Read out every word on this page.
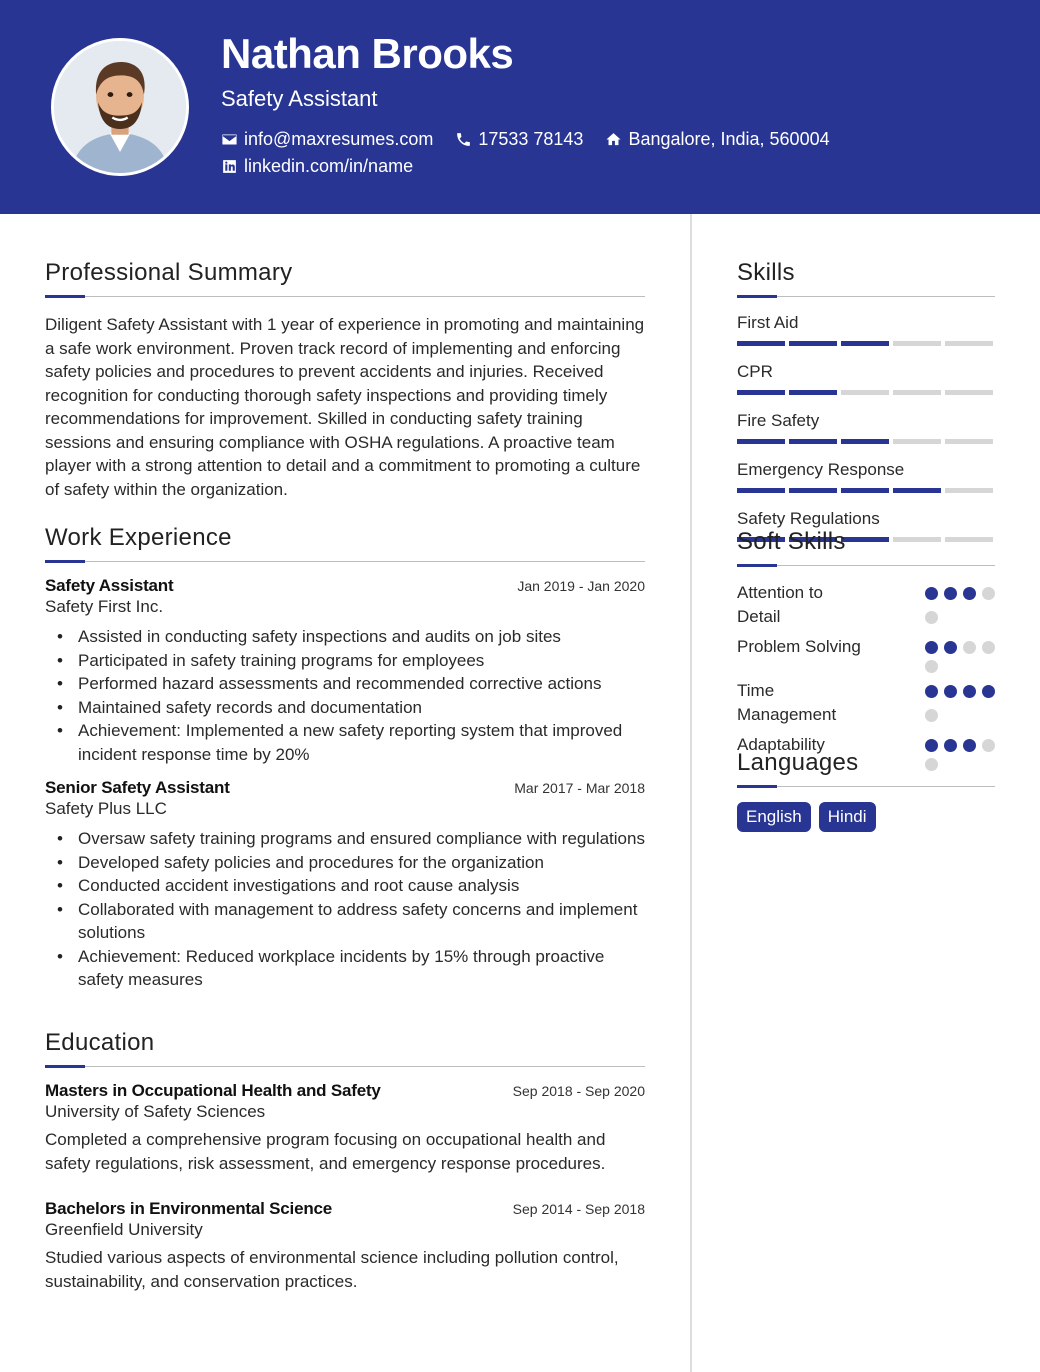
Nathan Brooks
Safety Assistant
info@maxresumes.com	17533 78143	Bangalore, India, 560004
linkedin.com/in/name
Professional Summary
Diligent Safety Assistant with 1 year of experience in promoting and maintaining a safe work environment. Proven track record of implementing and enforcing safety policies and procedures to prevent accidents and injuries. Received recognition for conducting thorough safety inspections and providing timely recommendations for improvement. Skilled in conducting safety training sessions and ensuring compliance with OSHA regulations. A proactive team player with a strong attention to detail and a commitment to promoting a culture of safety within the organization.
Work Experience
Safety Assistant	Jan 2019 - Jan 2020
Safety First Inc.
• Assisted in conducting safety inspections and audits on job sites
• Participated in safety training programs for employees
• Performed hazard assessments and recommended corrective actions
• Maintained safety records and documentation
• Achievement: Implemented a new safety reporting system that improved incident response time by 20%
Senior Safety Assistant	Mar 2017 - Mar 2018
Safety Plus LLC
• Oversaw safety training programs and ensured compliance with regulations
• Developed safety policies and procedures for the organization
• Conducted accident investigations and root cause analysis
• Collaborated with management to address safety concerns and implement solutions
• Achievement: Reduced workplace incidents by 15% through proactive safety measures
Education
Masters in Occupational Health and Safety	Sep 2018 - Sep 2020
University of Safety Sciences
Completed a comprehensive program focusing on occupational health and safety regulations, risk assessment, and emergency response procedures.
Bachelors in Environmental Science	Sep 2014 - Sep 2018
Greenfield University
Studied various aspects of environmental science including pollution control, sustainability, and conservation practices.
Skills
First Aid
CPR
Fire Safety
Emergency Response
Safety Regulations
Soft Skills
Attention to Detail
Problem Solving
Time Management
Adaptability
Languages
English	Hindi
